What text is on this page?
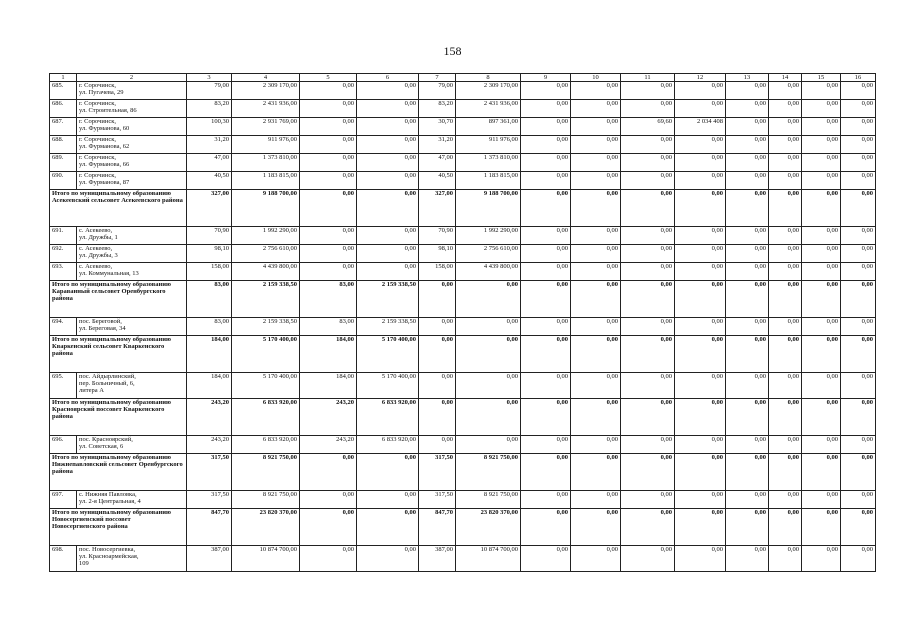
158
1	2	3	4	5	6	7	8	9	10	11	12	13	14	15	16
685.	г. Сорочинск,
ул. Пугачева, 29	79,00	2 309 170,00	0,00	0,00	79,00	2 309 170,00	0,00	0,00	0,00	0,00	0,00	0,00	0,00	0,00
686.	г. Сорочинск,
ул. Строительная, 86	83,20	2 431 936,00	0,00	0,00	83,20	2 431 936,00	0,00	0,00	0,00	0,00	0,00	0,00	0,00	0,00
687.	г. Сорочинск,
ул. Фурманова, 60	100,30	2 931 769,00	0,00	0,00	30,70	897 361,00	0,00	0,00	69,60	2 034 408	0,00	0,00	0,00	0,00
688.	г. Сорочинск,
ул. Фурманова, 62	31,20	911 976,00	0,00	0,00	31,20	911 976,00	0,00	0,00	0,00	0,00	0,00	0,00	0,00	0,00
689.	г. Сорочинск,
ул. Фурманова, 66	47,00	1 373 810,00	0,00	0,00	47,00	1 373 810,00	0,00	0,00	0,00	0,00	0,00	0,00	0,00	0,00
690.	г. Сорочинск,
ул. Фурманова, 87	40,50	1 183 815,00	0,00	0,00	40,50	1 183 815,00	0,00	0,00	0,00	0,00	0,00	0,00	0,00	0,00
Итого по муниципальному образованию Асекеевский сельсовет Асекеевского района		327,00	9 188 700,00	0,00	0,00	327,00	9 188 700,00	0,00	0,00	0,00	0,00	0,00	0,00	0,00	0,00
691.	с. Асекеево,
ул. Дружбы, 1	70,90	1 992 290,00	0,00	0,00	70,90	1 992 290,00	0,00	0,00	0,00	0,00	0,00	0,00	0,00	0,00
692.	с. Асекеево,
ул. Дружбы, 3	98,10	2 756 610,00	0,00	0,00	98,10	2 756 610,00	0,00	0,00	0,00	0,00	0,00	0,00	0,00	0,00
693.	с. Асекеево,
ул. Коммунальная, 13	158,00	4 439 800,00	0,00	0,00	158,00	4 439 800,00	0,00	0,00	0,00	0,00	0,00	0,00	0,00	0,00
Итого по муниципальному образованию Караванный сельсовет Оренбургского района		83,00	2 159 338,50	83,00	2 159 338,50	0,00	0,00	0,00	0,00	0,00	0,00	0,00	0,00	0,00	0,00
694.	пос. Береговой,
ул. Береговая, 34	83,00	2 159 338,50	83,00	2 159 338,50	0,00	0,00	0,00	0,00	0,00	0,00	0,00	0,00	0,00	0,00
Итого по муниципальному образованию Кваркенский сельсовет Кваркенского района		184,00	5 170 400,00	184,00	5 170 400,00	0,00	0,00	0,00	0,00	0,00	0,00	0,00	0,00	0,00	0,00
695.	пос. Айдырлинский,
пер. Больничный, 6,
литера А	184,00	5 170 400,00	184,00	5 170 400,00	0,00	0,00	0,00	0,00	0,00	0,00	0,00	0,00	0,00	0,00
Итого по муниципальному образованию Красноярский поссовет Кваркенского района		243,20	6 833 920,00	243,20	6 833 920,00	0,00	0,00	0,00	0,00	0,00	0,00	0,00	0,00	0,00	0,00
696.	пос. Красноярский,
ул. Советская, 6	243,20	6 833 920,00	243,20	6 833 920,00	0,00	0,00	0,00	0,00	0,00	0,00	0,00	0,00	0,00	0,00
Итого по муниципальному образованию Нижнепавловский сельсовет Оренбургского района		317,50	8 921 750,00	0,00	0,00	317,50	8 921 750,00	0,00	0,00	0,00	0,00	0,00	0,00	0,00	0,00
697.	с. Нижняя Павловка,
ул. 2-я Центральная, 4	317,50	8 921 750,00	0,00	0,00	317,50	8 921 750,00	0,00	0,00	0,00	0,00	0,00	0,00	0,00	0,00
Итого по муниципальному образованию Новосергиевский поссовет Новосергиевского района		847,70	23 820 370,00	0,00	0,00	847,70	23 820 370,00	0,00	0,00	0,00	0,00	0,00	0,00	0,00	0,00
698.	пос. Новосергиевка,
ул. Красноармейская,
109	387,00	10 874 700,00	0,00	0,00	387,00	10 874 700,00	0,00	0,00	0,00	0,00	0,00	0,00	0,00	0,00
